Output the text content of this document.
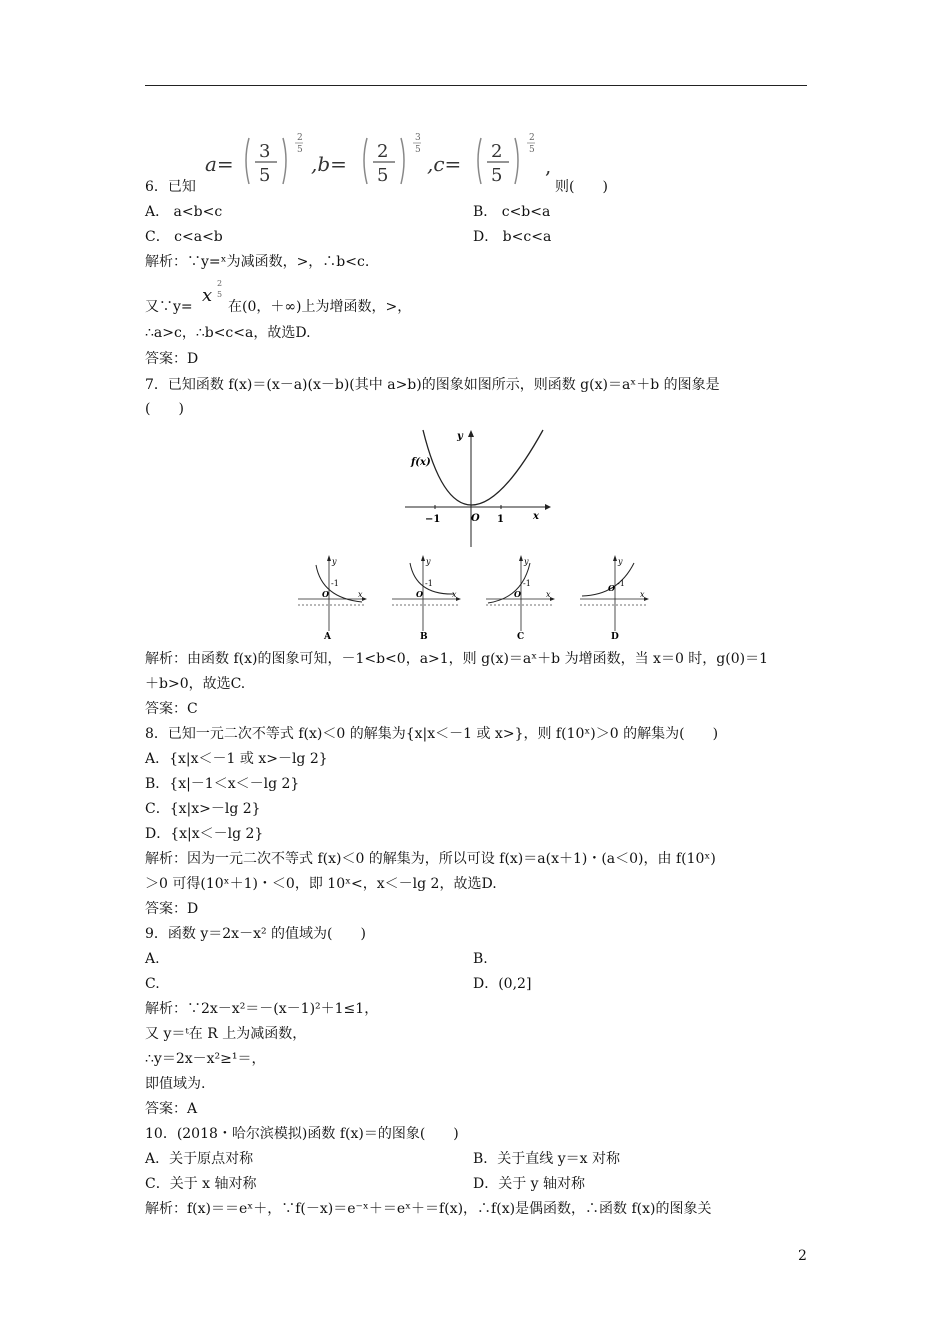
a=
3
5
2
5
,b=
2
5
3
5
,c=
2
5
2
5
,
6．已知	则(　　)
A． a<b<c	B． c<b<a
C． c<a<b	D． b<c<a
解析：∵y=ˣ为减函数，>，∴b<c.
又∵y=
x
2
5
在(0，＋∞)上为增函数，>，
∴a>c，∴b<c<a，故选D.
答案：D
7．已知函数 f(x)＝(x－a)(x－b)(其中 a>b)的图象如图所示，则函数 g(x)＝aˣ＋b 的图象是
(　　)
f(x)
y
x
O
−1	1
y
-1
O	x
A
y
-1
O	x
B
y
-1
O	x
C
y
-1
O
x
D
解析：由函数 f(x)的图象可知，－1<b<0，a>1，则 g(x)＝aˣ＋b 为增函数，当 x＝0 时，g(0)＝1
＋b>0，故选C.
答案：C
8．已知一元二次不等式 f(x)＜0 的解集为{x|x＜－1 或 x>}，则 f(10ˣ)＞0 的解集为(　　)
A．{x|x＜－1 或 x>－lg 2}
B．{x|－1＜x＜－lg 2}
C．{x|x>－lg 2}
D．{x|x＜－lg 2}
解析：因为一元二次不等式 f(x)＜0 的解集为，所以可设 f(x)＝a(x＋1)・(a＜0)，由 f(10ˣ)
＞0 可得(10ˣ＋1)・＜0，即 10ˣ<，x＜－lg 2，故选D.
答案：D
9．函数 y＝2x－x² 的值域为(　　)
A.	B.
C.	D．(0,2]
解析：∵2x－x²＝－(x－1)²＋1≤1，
又 y＝ᵗ在 R 上为减函数，
∴y＝2x－x²≥¹＝，
即值域为.
答案：A
10．(2018・哈尔滨模拟)函数 f(x)＝的图象(　　)
A．关于原点对称	B．关于直线 y＝x 对称
C．关于 x 轴对称	D．关于 y 轴对称
解析：f(x)＝＝eˣ＋，∵f(－x)＝e⁻ˣ＋＝eˣ＋＝f(x)，∴f(x)是偶函数，∴函数 f(x)的图象关
2
